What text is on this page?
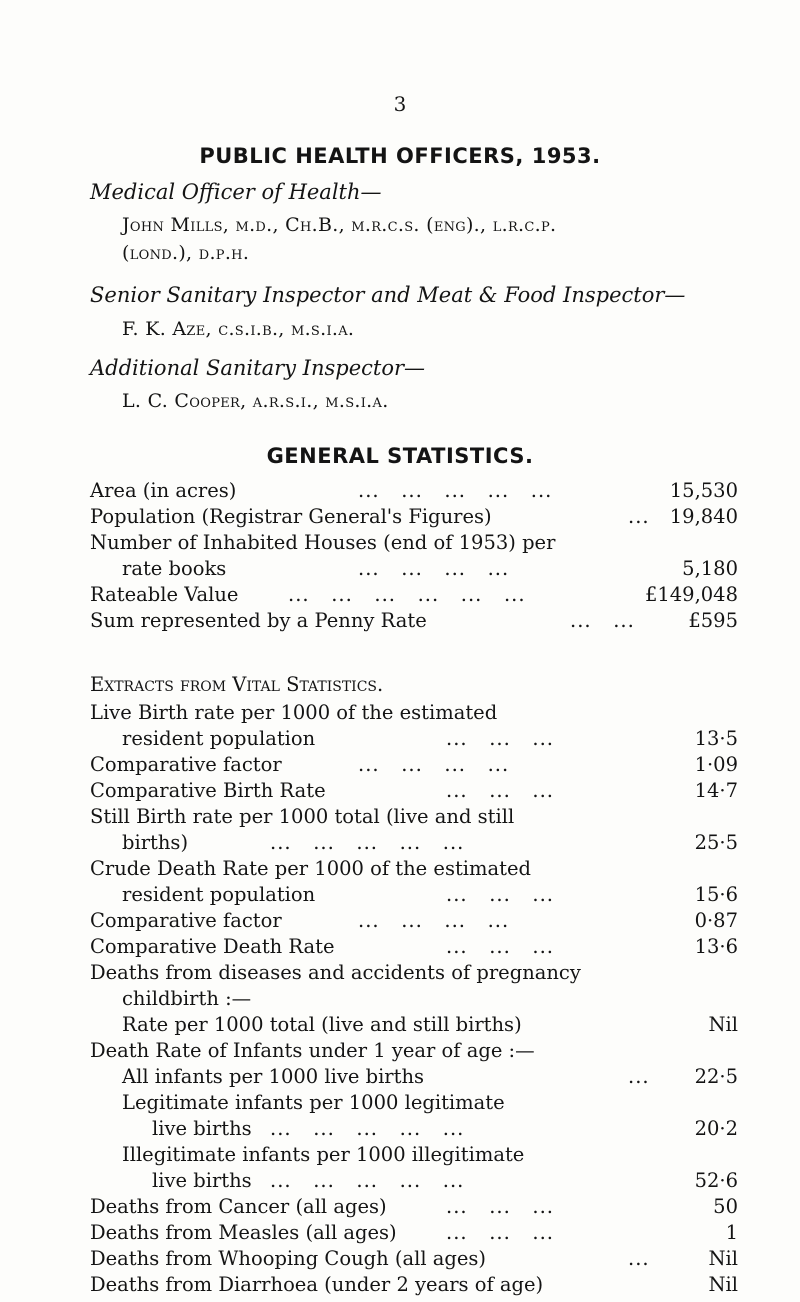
3
PUBLIC HEALTH OFFICERS, 1953.
Medical Officer of Health—
John Mills, m.d., Ch.B., m.r.c.s. (eng)., l.r.c.p.
(lond.), d.p.h.
Senior Sanitary Inspector and Meat & Food Inspector—
F. K. Aze, c.s.i.b., m.s.i.a.
Additional Sanitary Inspector—
L. C. Cooper, a.r.s.i., m.s.i.a.
GENERAL STATISTICS.
Area (in acres)	...   ...   ...   ...   ...	15,530
Population (Registrar General's Figures)	... 19,840
Number of Inhabited Houses (end of 1953) per
rate books	...   ...   ...   ...	5,180
Rateable Value	...   ...   ...   ...   ...   ...	£149,048
Sum represented by a Penny Rate	...   ...	£595
Extracts from Vital Statistics.
Live Birth rate per 1000 of the estimated
resident population	...   ...   ...	13·5
Comparative factor	...   ...   ...   ...	1·09
Comparative Birth Rate	...   ...   ...	14·7
Still Birth rate per 1000 total (live and still
births)	...   ...   ...   ...   ...	25·5
Crude Death Rate per 1000 of the estimated
resident population	...   ...   ...	15·6
Comparative factor	...   ...   ...   ...	0·87
Comparative Death Rate	...   ...   ...	13·6
Deaths from diseases and accidents of pregnancy
childbirth :—
Rate per 1000 total (live and still births)	Nil
Death Rate of Infants under 1 year of age :—
All infants per 1000 live births	... 22·5
Legitimate infants per 1000 legitimate
live births ...   ...   ...   ...   ...	20·2
Illegitimate infants per 1000 illegitimate
live births ...   ...   ...   ...   ...	52·6
Deaths from Cancer (all ages)	...   ...   ...	50
Deaths from Measles (all ages)	...   ...   ...	1
Deaths from Whooping Cough (all ages)	...	Nil
Deaths from Diarrhoea (under 2 years of age)	Nil
